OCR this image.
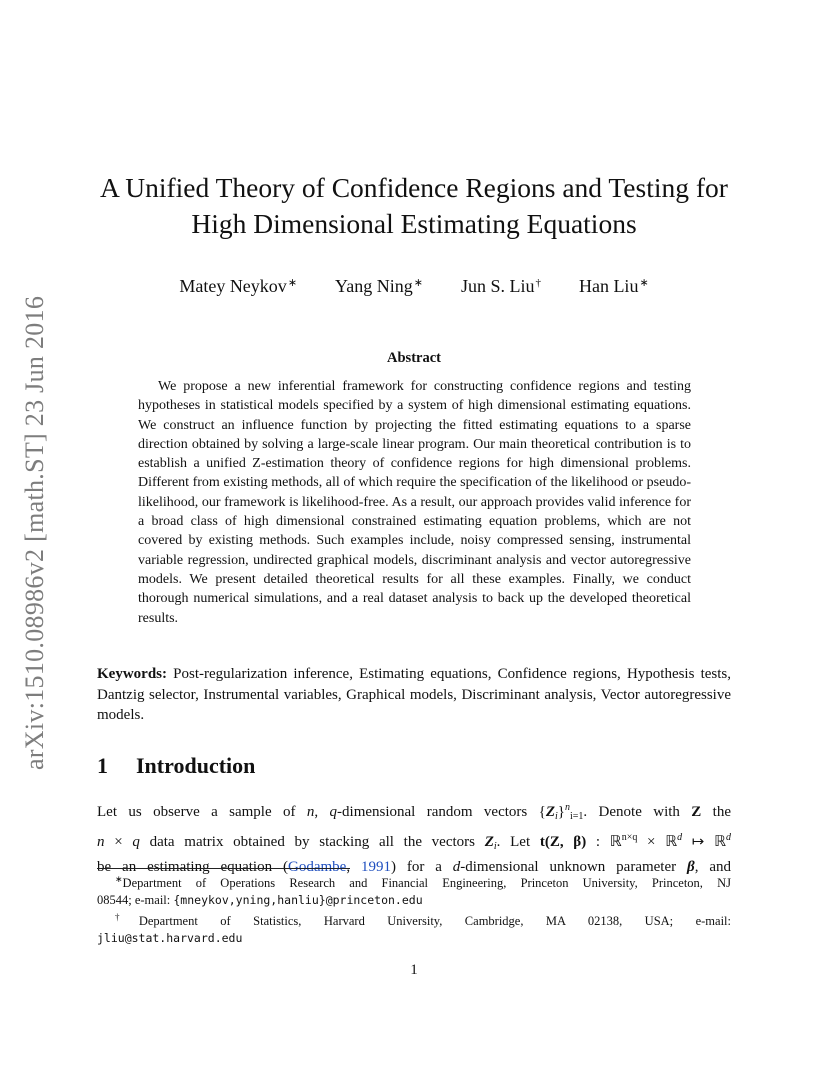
arXiv:1510.08986v2 [math.ST] 23 Jun 2016
A Unified Theory of Confidence Regions and Testing for
High Dimensional Estimating Equations
Matey Neykov∗ Yang Ning∗ Jun S. Liu† Han Liu∗
Abstract

We propose a new inferential framework for constructing confidence regions and testing hypotheses in statistical models specified by a system of high dimensional estimating equations. We construct an influence function by projecting the fitted estimating equations to a sparse direction obtained by solving a large-scale linear program. Our main theoretical contribution is to establish a unified Z-estimation theory of confidence regions for high dimensional problems. Different from existing methods, all of which require the specification of the likelihood or pseudo-likelihood, our framework is likelihood-free. As a result, our approach provides valid inference for a broad class of high dimensional constrained estimating equation problems, which are not covered by existing methods. Such examples include, noisy compressed sensing, instrumental variable regression, undirected graphical models, discriminant analysis and vector autoregressive models. We present detailed theoretical results for all these examples. Finally, we conduct thorough numerical simulations, and a real dataset analysis to back up the developed theoretical results.

Keywords: Post-regularization inference, Estimating equations, Confidence regions, Hypothesis tests, Dantzig selector, Instrumental variables, Graphical models, Discriminant analysis, Vector autoregressive models.

1 Introduction
Let us observe a sample of n, q-dimensional random vectors $\{Z_i\}^n_{i=1}$. Denote with Z the
n × q data matrix obtained by stacking all the vectors $Z_i$. Let t(Z, β) : ℝ$^{n\times q}$ × ℝ$^d$ ↦ ℝ$^d$
be an estimating equation (Godambe, 1991) for a d-dimensional unknown parameter β, and
∗Department of Operations Research and Financial Engineering, Princeton University, Princeton, NJ
08544; e-mail: {mneykov,yning,hanliu}@princeton.edu
†Department of Statistics, Harvard University, Cambridge, MA 02138, USA; e-mail:
jliu@stat.harvard.edu
1
